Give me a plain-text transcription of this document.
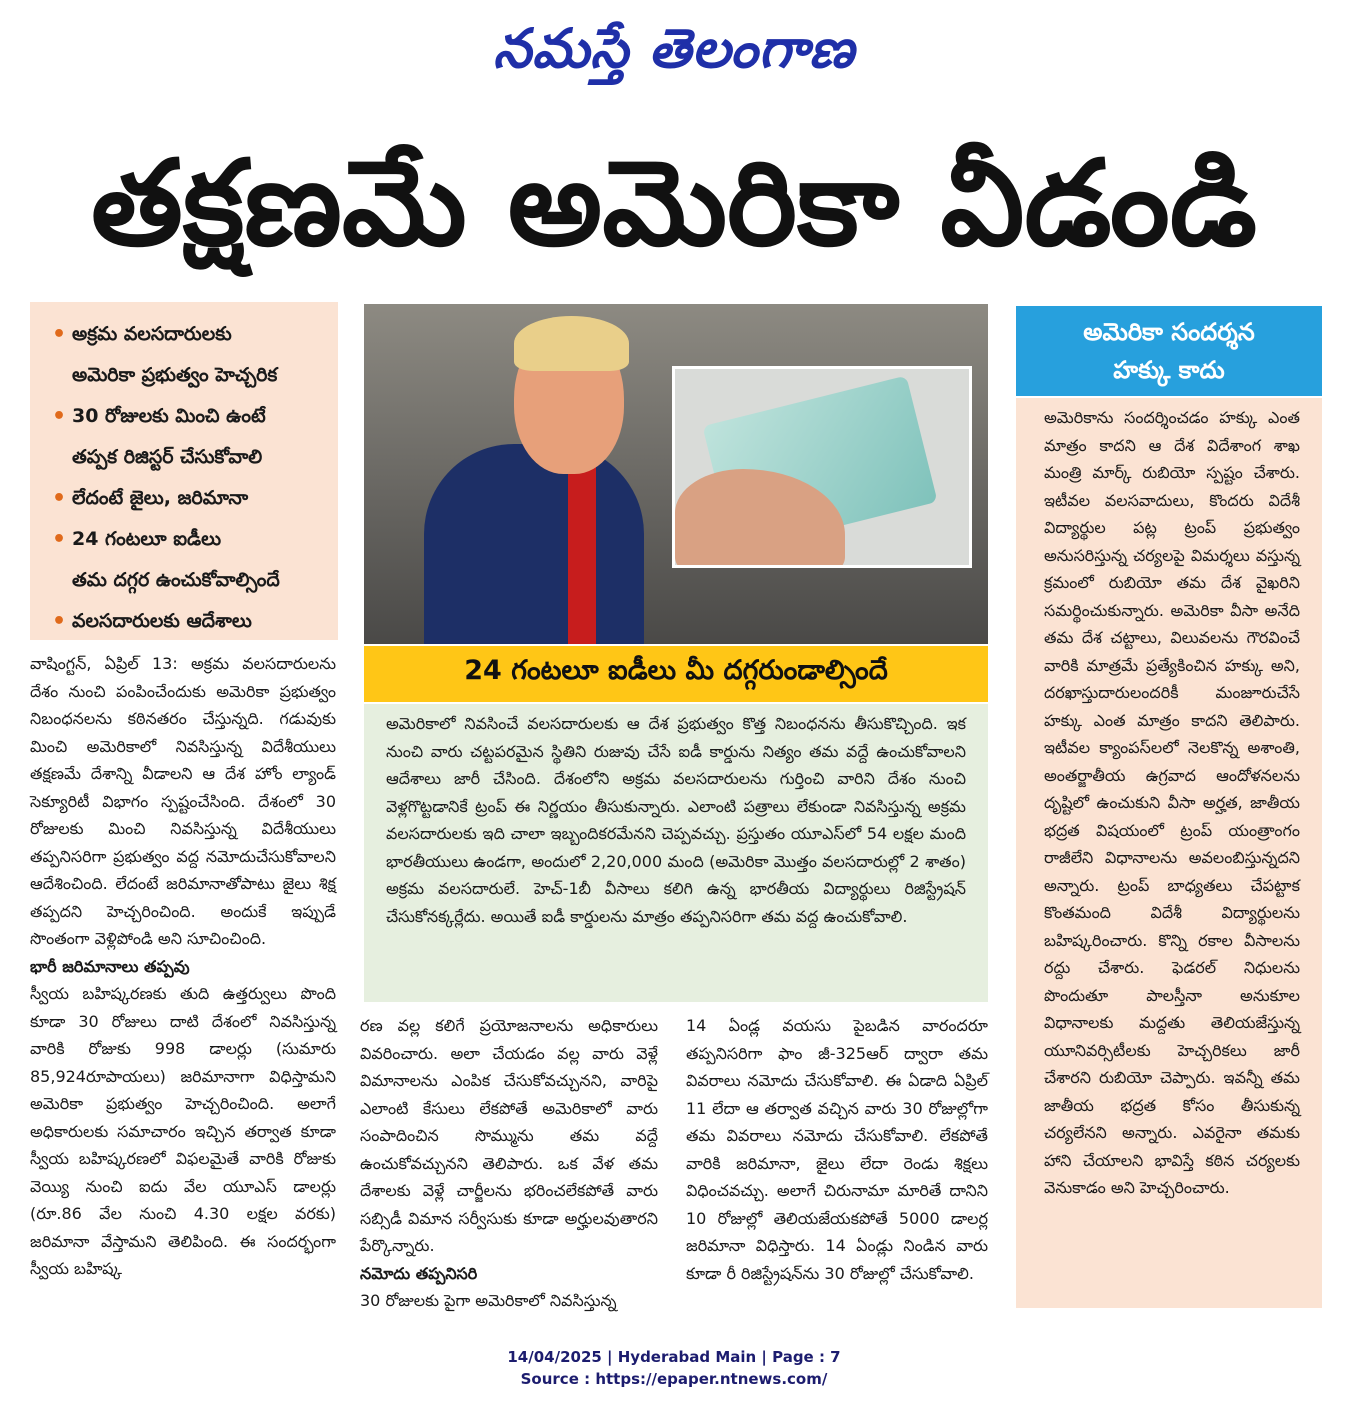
నమస్తే తెలంగాణ
తక్షణమే అమెరికా వీడండి
• అక్రమ వలసదారులకు
అమెరికా ప్రభుత్వం హెచ్చరిక
• 30 రోజులకు మించి ఉంటే
తప్పక రిజిస్టర్ చేసుకోవాలి
• లేదంటే జైలు, జరిమానా
• 24 గంటలూ ఐడీలు
తమ దగ్గర ఉంచుకోవాల్సిందే
• వలసదారులకు ఆదేశాలు
24 గంటలూ ఐడీలు మీ దగ్గరుండాల్సిందే

అమెరికాలో నివసించే వలసదారులకు ఆ దేశ ప్రభుత్వం కొత్త నిబంధనను తీసుకొచ్చింది. ఇక నుంచి వారు చట్టపరమైన స్థితిని రుజువు చేసే ఐడీ కార్డును నిత్యం తమ వద్దే ఉంచుకోవాలని ఆదేశాలు జారీ చేసింది. దేశంలోని అక్రమ వలసదారులను గుర్తించి వారిని దేశం నుంచి వెళ్లగొట్టడానికే ట్రంప్ ఈ నిర్ణయం తీసుకున్నారు. ఎలాంటి పత్రాలు లేకుండా నివసిస్తున్న అక్రమ వలసదారులకు ఇది చాలా ఇబ్బందికరమేనని చెప్పవచ్చు. ప్రస్తుతం యూఎస్‌లో 54 లక్షల మంది భారతీయులు ఉండగా, అందులో 2,20,000 మంది (అమెరికా మొత్తం వలసదారుల్లో 2 శాతం) అక్రమ వలసదారులే. హెచ్-1బీ వీసాలు కలిగి ఉన్న భారతీయ విద్యార్థులు రిజిస్ట్రేషన్ చేసుకోనక్కర్లేదు. అయితే ఐడీ కార్డులను మాత్రం తప్పనిసరిగా తమ వద్ద ఉంచుకోవాలి.

వాషింగ్టన్, ఏప్రిల్ 13: అక్రమ వలసదారులను దేశం నుంచి పంపించేందుకు అమెరికా ప్రభుత్వం నిబంధనలను కఠినతరం చేస్తున్నది. గడువుకు మించి అమెరికాలో నివసిస్తున్న విదేశీయులు తక్షణమే దేశాన్ని వీడాలని ఆ దేశ హోం ల్యాండ్ సెక్యూరిటీ విభాగం స్పష్టంచేసింది. దేశంలో 30 రోజులకు మించి నివసిస్తున్న విదేశీయులు తప్పనిసరిగా ప్రభుత్వం వద్ద నమోదుచేసుకోవాలని ఆదేశించింది. లేదంటే జరిమానాతోపాటు జైలు శిక్ష తప్పదని హెచ్చరించింది. అందుకే ఇప్పుడే సొంతంగా వెళ్లిపోండి అని సూచించింది.

భారీ జరిమానాలు తప్పవు

స్వీయ బహిష్కరణకు తుది ఉత్తర్వులు పొంది కూడా 30 రోజులు దాటి దేశంలో నివసిస్తున్న వారికి రోజుకు 998 డాలర్లు (సుమారు 85,924రూపాయలు) జరిమానాగా విధిస్తామని అమెరికా ప్రభుత్వం హెచ్చరించింది. అలాగే అధికారులకు సమాచారం ఇచ్చిన తర్వాత కూడా స్వీయ బహిష్కరణలో విఫలమైతే వారికి రోజుకు వెయ్యి నుంచి ఐదు వేల యూఎస్ డాలర్లు (రూ.86 వేల నుంచి 4.30 లక్షల వరకు) జరిమానా వేస్తామని తెలిపింది. ఈ సందర్భంగా స్వీయ బహిష్క

రణ వల్ల కలిగే ప్రయోజనాలను అధికారులు వివరించారు. అలా చేయడం వల్ల వారు వెళ్లే విమానాలను ఎంపిక చేసుకోవచ్చునని, వారిపై ఎలాంటి కేసులు లేకపోతే అమెరికాలో వారు సంపాదించిన సొమ్మును తమ వద్దే ఉంచుకోవచ్చునని తెలిపారు. ఒక వేళ తమ దేశాలకు వెళ్లే చార్జీలను భరించలేకపోతే వారు సబ్సిడీ విమాన సర్వీసుకు కూడా అర్హులవుతారని పేర్కొన్నారు.

నమోదు తప్పనిసరి

30 రోజులకు పైగా అమెరికాలో నివసిస్తున్న

14 ఏండ్ల వయసు పైబడిన వారందరూ తప్పనిసరిగా ఫాం జీ-325ఆర్ ద్వారా తమ వివరాలు నమోదు చేసుకోవాలి. ఈ ఏడాది ఏప్రిల్ 11 లేదా ఆ తర్వాత వచ్చిన వారు 30 రోజుల్లోగా తమ వివరాలు నమోదు చేసుకోవాలి. లేకపోతే వారికి జరిమానా, జైలు లేదా రెండు శిక్షలు విధించవచ్చు. అలాగే చిరునామా మారితే దానిని 10 రోజుల్లో తెలియజేయకపోతే 5000 డాలర్ల జరిమానా విధిస్తారు. 14 ఏండ్లు నిండిన వారు కూడా రీ రిజిస్ట్రేషన్‌ను 30 రోజుల్లో చేసుకోవాలి.

అమెరికా సందర్శన
హక్కు కాదు

అమెరికాను సందర్శించడం హక్కు ఎంత మాత్రం కాదని ఆ దేశ విదేశాంగ శాఖ మంత్రి మార్క్ రుబియో స్పష్టం చేశారు. ఇటీవల వలసవాదులు, కొందరు విదేశీ విద్యార్థుల పట్ల ట్రంప్ ప్రభుత్వం అనుసరిస్తున్న చర్యలపై విమర్శలు వస్తున్న క్రమంలో రుబియో తమ దేశ వైఖరిని సమర్థించుకున్నారు. అమెరికా వీసా అనేది తమ దేశ చట్టాలు, విలువలను గౌరవించే వారికి మాత్రమే ప్రత్యేకించిన హక్కు అని, దరఖాస్తుదారులందరికీ మంజూరుచేసే హక్కు ఎంత మాత్రం కాదని తెలిపారు. ఇటీవల క్యాంపస్‌లలో నెలకొన్న అశాంతి, అంతర్జాతీయ ఉగ్రవాద ఆందోళనలను దృష్టిలో ఉంచుకుని వీసా అర్హత, జాతీయ భద్రత విషయంలో ట్రంప్ యంత్రాంగం రాజీలేని విధానాలను అవలంబిస్తున్నదని అన్నారు. ట్రంప్ బాధ్యతలు చేపట్టాక కొంతమంది విదేశీ విద్యార్థులను బహిష్కరించారు. కొన్ని రకాల వీసాలను రద్దు చేశారు. ఫెడరల్ నిధులను పొందుతూ పాలస్తీనా అనుకూల విధానాలకు మద్దతు తెలియజేస్తున్న యూనివర్సిటీలకు హెచ్చరికలు జారీ చేశారని రుబియో చెప్పారు. ఇవన్నీ తమ జాతీయ భద్రత కోసం తీసుకున్న చర్యలేనని అన్నారు. ఎవరైనా తమకు హాని చేయాలని భావిస్తే కఠిన చర్యలకు వెనుకాడం అని హెచ్చరించారు.

14/04/2025 | Hyderabad Main | Page : 7
Source : https://epaper.ntnews.com/
